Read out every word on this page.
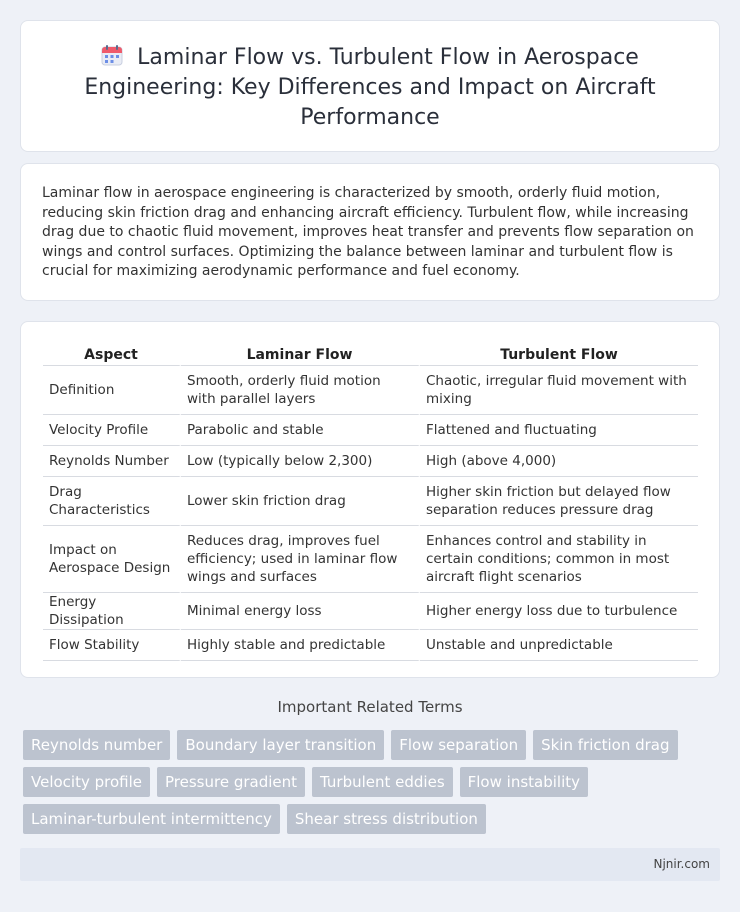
Laminar Flow vs. Turbulent Flow in Aerospace Engineering: Key Differences and Impact on Aircraft Performance

Laminar flow in aerospace engineering is characterized by smooth, orderly fluid motion, reducing skin friction drag and enhancing aircraft efficiency. Turbulent flow, while increasing drag due to chaotic fluid movement, improves heat transfer and prevents flow separation on wings and control surfaces. Optimizing the balance between laminar and turbulent flow is crucial for maximizing aerodynamic performance and fuel economy.

Aspect	Laminar Flow	Turbulent Flow
Definition	Smooth, orderly fluid motion with parallel layers	Chaotic, irregular fluid movement with mixing
Velocity Profile	Parabolic and stable	Flattened and fluctuating
Reynolds Number	Low (typically below 2,300)	High (above 4,000)
Drag Characteristics	Lower skin friction drag	Higher skin friction but delayed flow separation reduces pressure drag
Impact on Aerospace Design	Reduces drag, improves fuel efficiency; used in laminar flow wings and surfaces	Enhances control and stability in certain conditions; common in most aircraft flight scenarios
Energy Dissipation	Minimal energy loss	Higher energy loss due to turbulence
Flow Stability	Highly stable and predictable	Unstable and unpredictable
Important Related Terms
Reynolds number	Boundary layer transition	Flow separation	Skin friction drag
Velocity profile	Pressure gradient	Turbulent eddies	Flow instability
Laminar-turbulent intermittency	Shear stress distribution
Njnir.com
